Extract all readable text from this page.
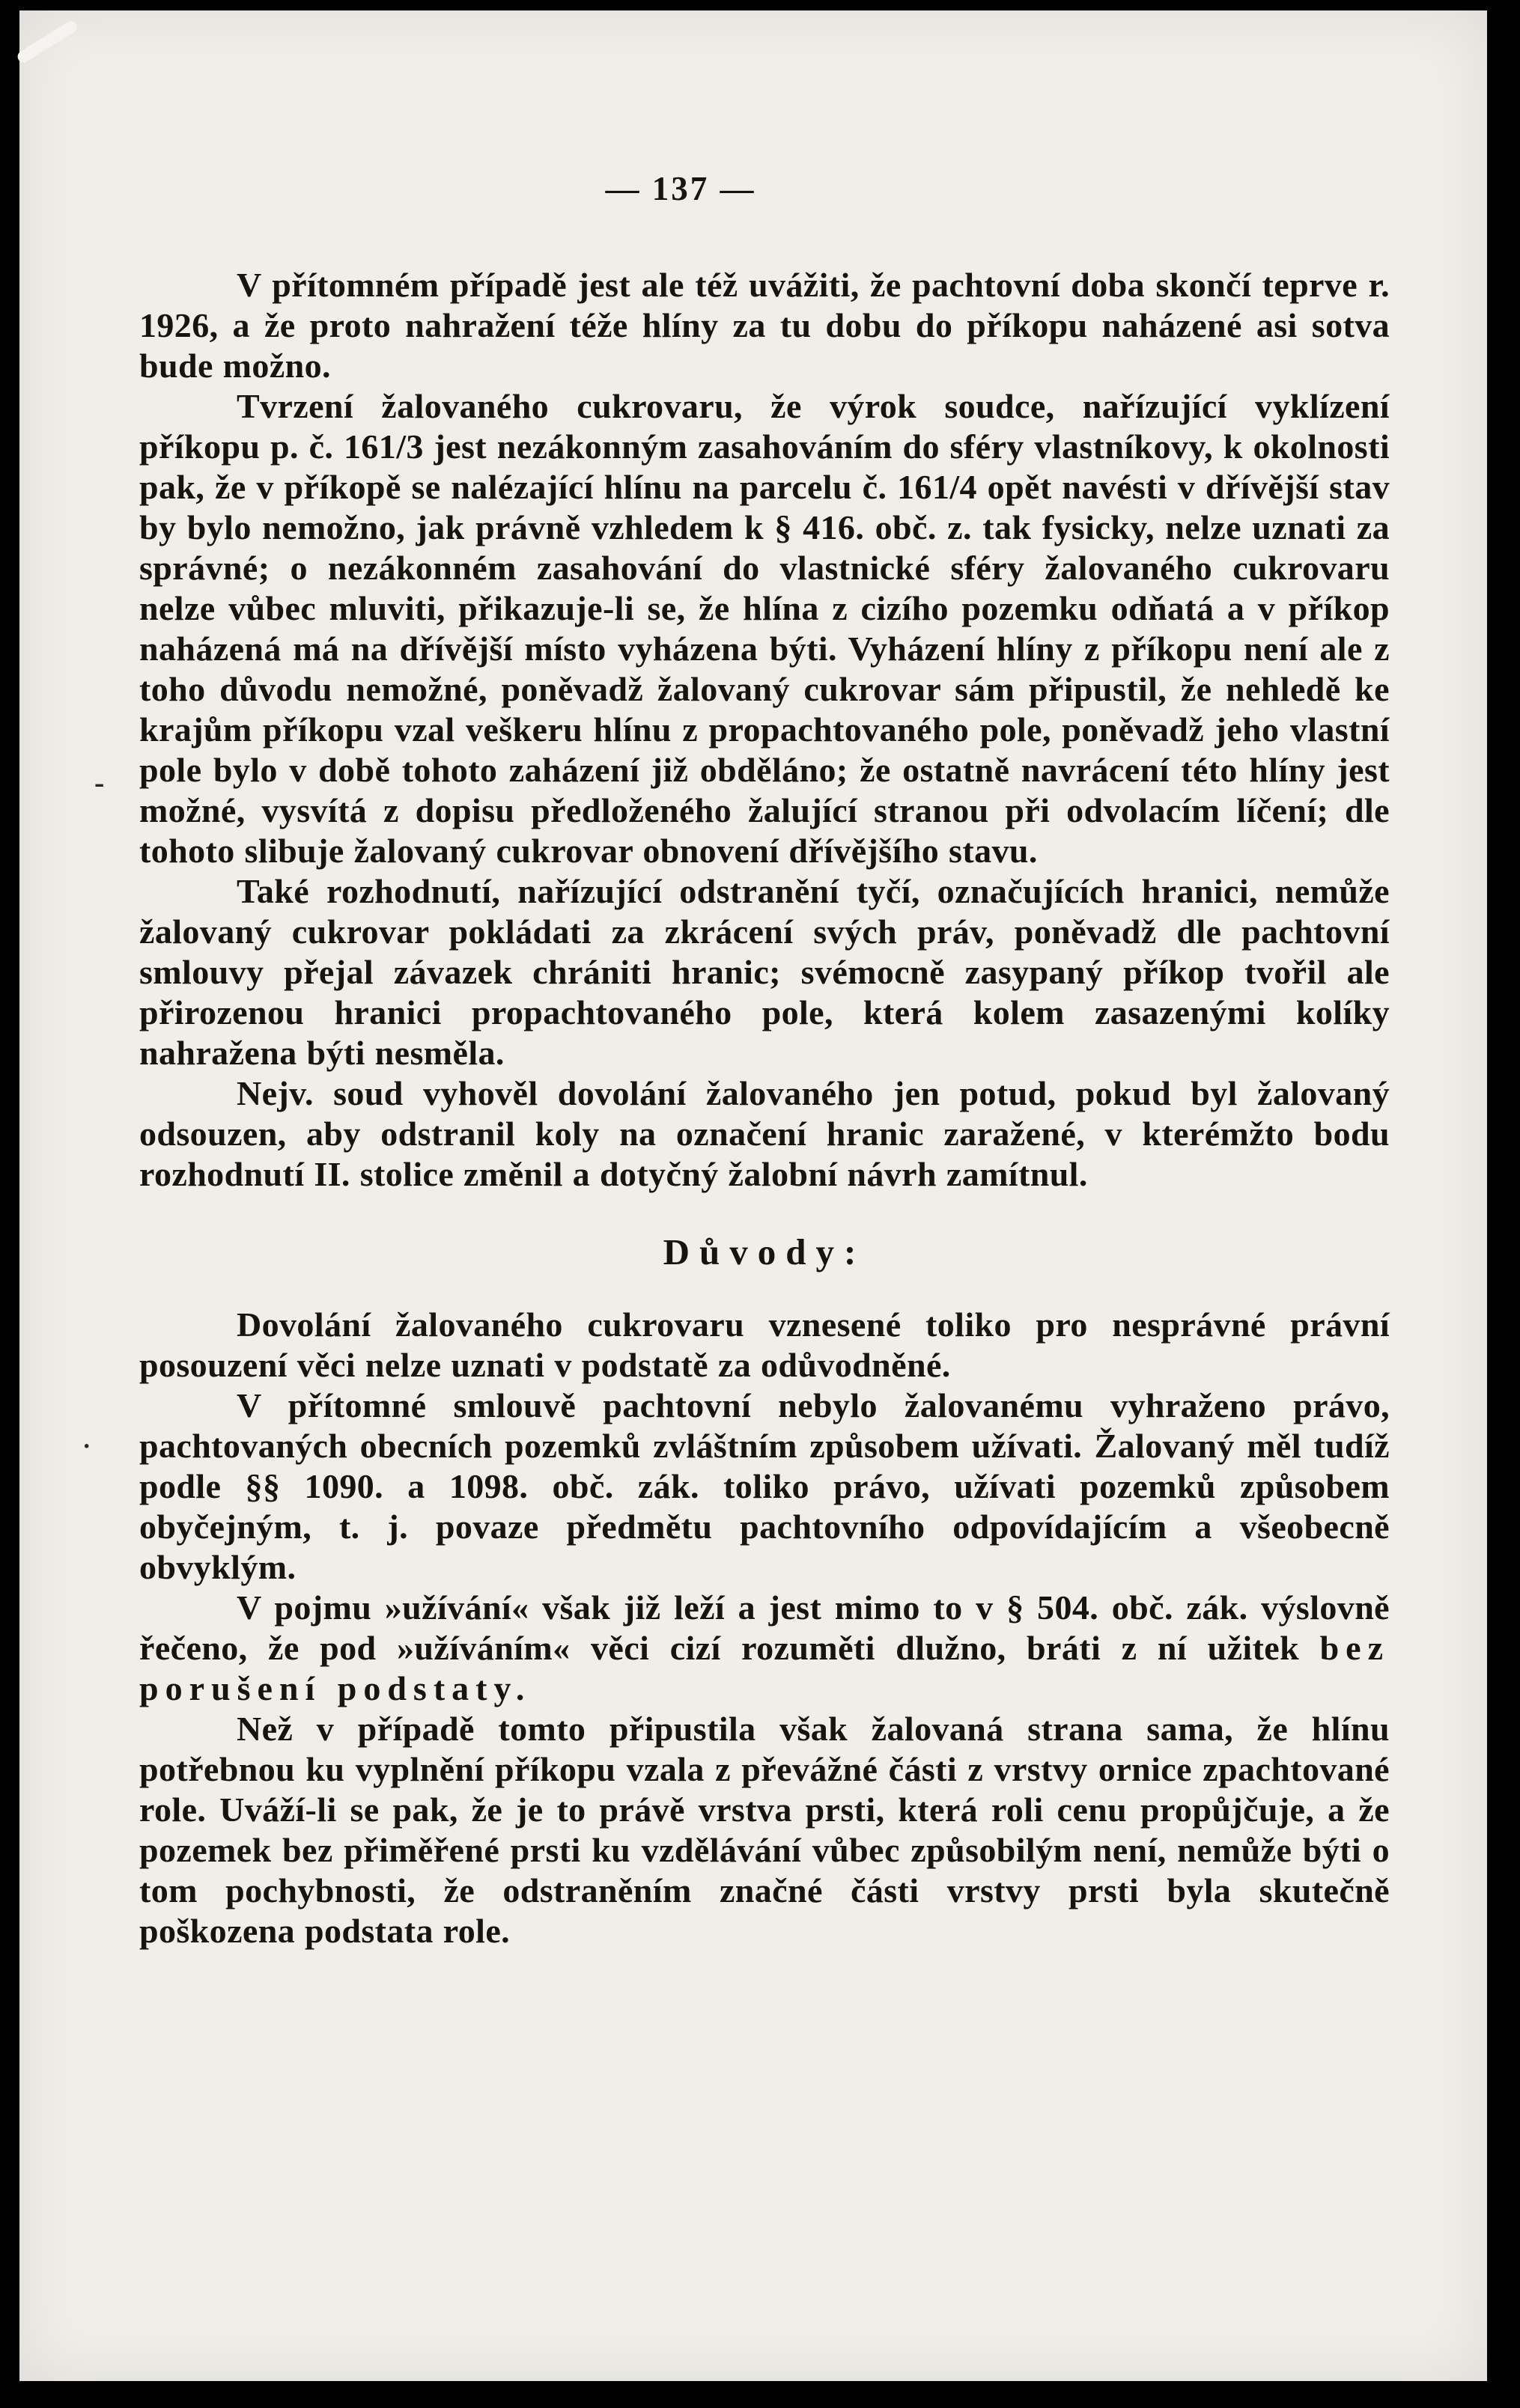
-
·
— 137 —

V přítomném případě jest ale též uvážiti, že pachtovní doba skončí teprve r. 1926, a že proto nahražení téže hlíny za tu dobu do příkopu naházené asi sotva bude možno.

Tvrzení žalovaného cukrovaru, že výrok soudce, nařízující vyklízení příkopu p. č. 161/3 jest nezákonným zasahováním do sféry vlastníkovy, k okolnosti pak, že v příkopě se nalézající hlínu na parcelu č. 161/4 opět navésti v dřívější stav by bylo nemožno, jak právně vzhledem k § 416. obč. z. tak fysicky, nelze uznati za správné; o nezákonném zasahování do vlastnické sféry žalovaného cukrovaru nelze vůbec mluviti, přikazuje-li se, že hlína z cizího pozemku odňatá a v příkop naházená má na dřívější místo vyházena býti. Vyházení hlíny z příkopu není ale z toho důvodu nemožné, poněvadž žalovaný cukrovar sám připustil, že nehledě ke krajům příkopu vzal veškeru hlínu z propachtovaného pole, poněvadž jeho vlastní pole bylo v době tohoto zaházení již obděláno; že ostatně navrácení této hlíny jest možné, vysvítá z dopisu předloženého žalující stranou při odvolacím líčení; dle tohoto slibuje žalovaný cukrovar obnovení dřívějšího stavu.

Také rozhodnutí, nařízující odstranění tyčí, označujících hranici, nemůže žalovaný cukrovar pokládati za zkrácení svých práv, poněvadž dle pachtovní smlouvy přejal závazek chrániti hranic; svémocně zasypaný příkop tvořil ale přirozenou hranici propachtovaného pole, která kolem zasazenými kolíky nahražena býti nesměla.

Nejv. soud vyhověl dovolání žalovaného jen potud, pokud byl žalovaný odsouzen, aby odstranil koly na označení hranic zaražené, v kterémžto bodu rozhodnutí II. stolice změnil a dotyčný žalobní návrh zamítnul.

Důvody:

Dovolání žalovaného cukrovaru vznesené toliko pro nesprávné právní posouzení věci nelze uznati v podstatě za odůvodněné.

V přítomné smlouvě pachtovní nebylo žalovanému vyhraženo právo, pachtovaných obecních pozemků zvláštním způsobem užívati. Žalovaný měl tudíž podle §§ 1090. a 1098. obč. zák. toliko právo, užívati pozemků způsobem obyčejným, t. j. povaze předmětu pachtovního odpovídajícím a všeobecně obvyklým.

V pojmu »užívání« však již leží a jest mimo to v § 504. obč. zák. výslovně řečeno, že pod »užíváním« věci cizí rozuměti dlužno, bráti z ní užitek bez porušení podstaty.

Než v případě tomto připustila však žalovaná strana sama, že hlínu potřebnou ku vyplnění příkopu vzala z převážné části z vrstvy ornice zpachtované role. Uváží-li se pak, že je to právě vrstva prsti, která roli cenu propůjčuje, a že pozemek bez přiměřené prsti ku vzdělávání vůbec způsobilým není, nemůže býti o tom pochybnosti, že odstraněním značné části vrstvy prsti byla skutečně poškozena podstata role.
